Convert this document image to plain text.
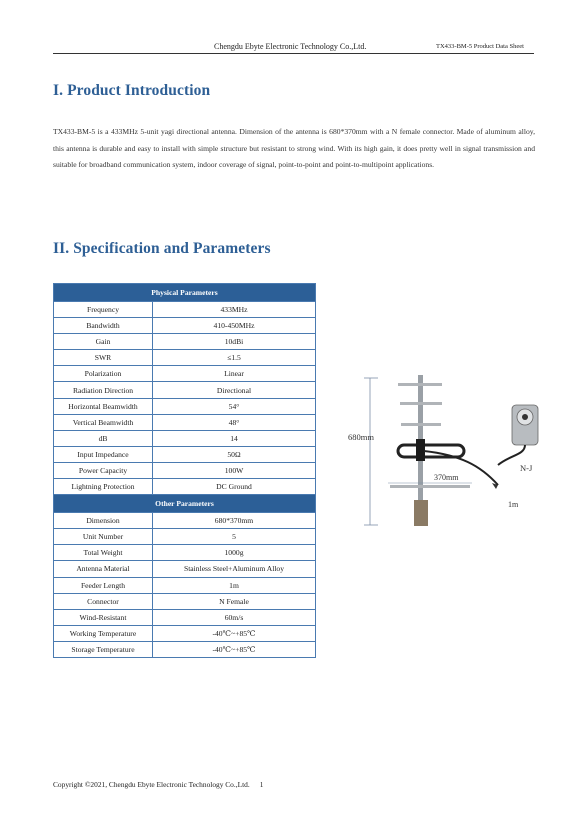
Chengdu Ebyte Electronic Technology Co.,Ltd.	TX433-BM-5 Product Data Sheet
I. Product Introduction
TX433-BM-5 is a 433MHz 5-unit yagi directional antenna. Dimension of the antenna is 680*370mm with a N female connector. Made of aluminum alloy, this antenna is durable and easy to install with simple structure but resistant to strong wind. With its high gain, it does pretty well in signal transmission and suitable for broadband communication system, indoor coverage of signal, point-to-point and point-to-multipoint applications.
II. Specification and Parameters
Physical Parameters	
Frequency	433MHz
Bandwidth	410-450MHz
Gain	10dBi
SWR	≤1.5
Polarization	Linear
Radiation Direction	Directional
Horizontal Beamwidth	54°
Vertical Beamwidth	48°
dB	14
Input Impedance	50Ω
Power Capacity	100W
Lightning Protection	DC Ground
Other Parameters	
Dimension	680*370mm
Unit Number	5
Total Weight	1000g
Antenna Material	Stainless Steel+Aluminum Alloy
Feeder Length	1m
Connector	N Female
Wind-Resistant	60m/s
Working Temperature	-40℃~+85℃
Storage Temperature	-40℃~+85℃
680mm
370mm
1m
N-J
Copyright ©2021, Chengdu Ebyte Electronic Technology Co.,Ltd. 1
